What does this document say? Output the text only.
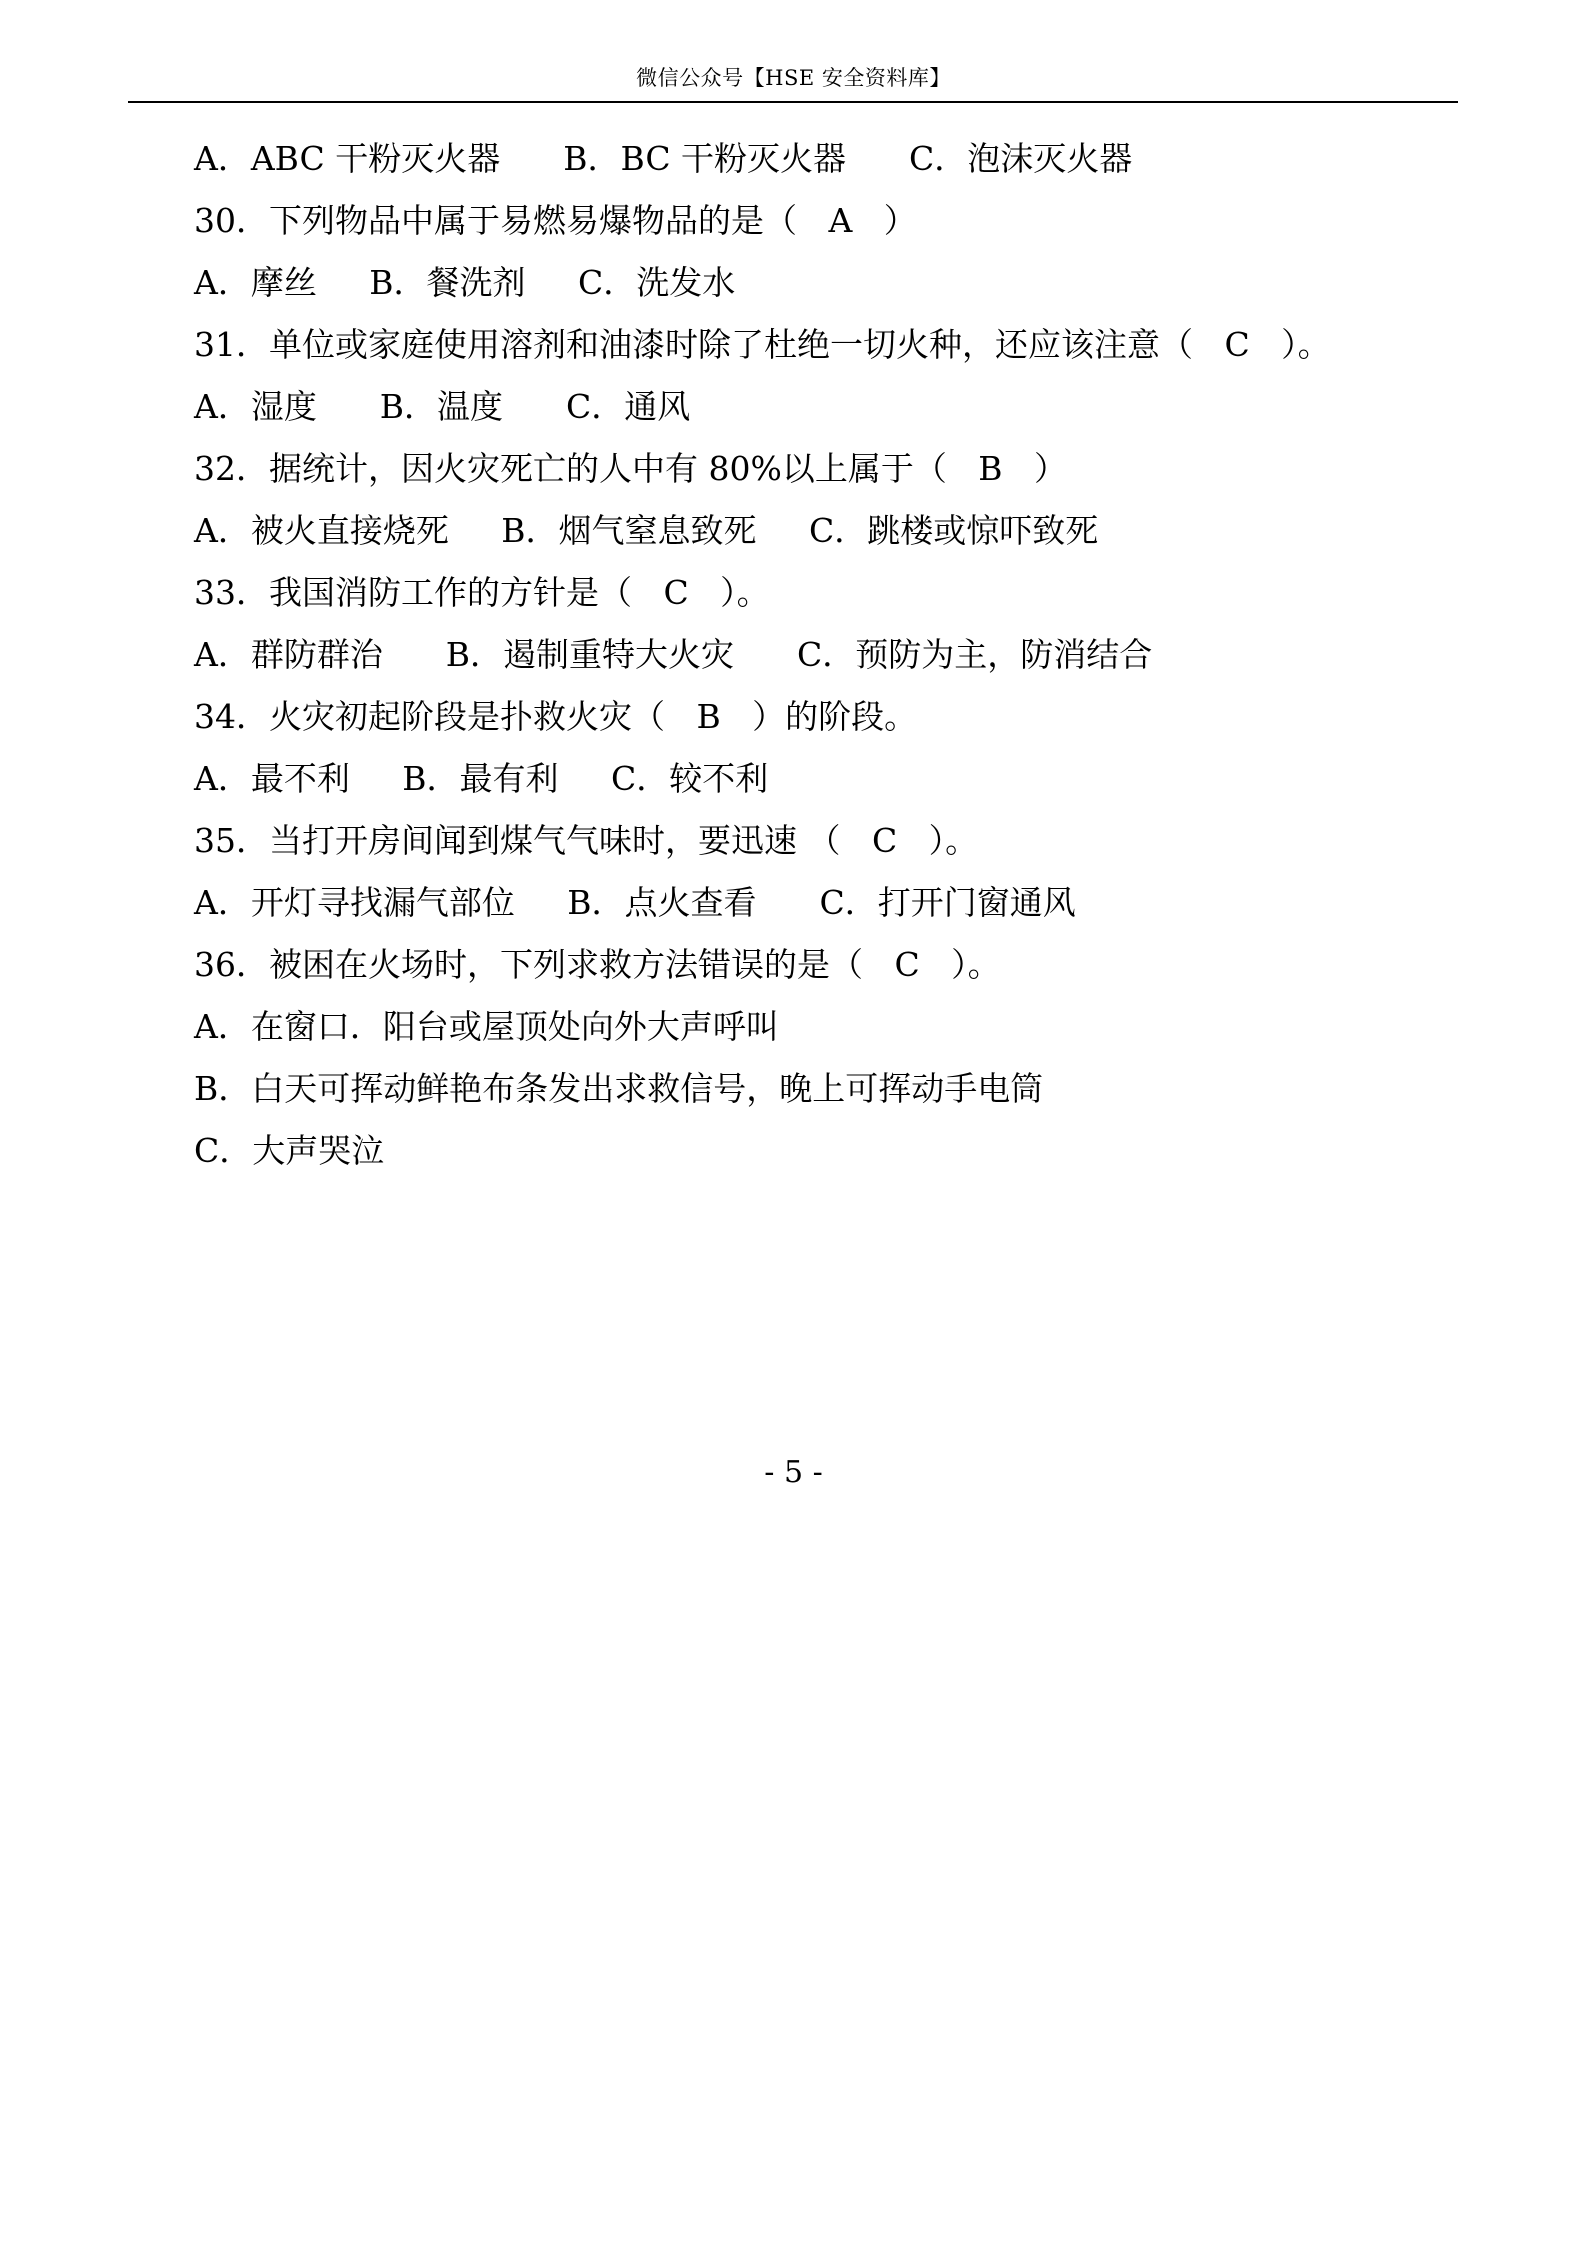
微信公众号【HSE 安全资料库】

A．ABC 干粉灭火器      B．BC 干粉灭火器      C．泡沫灭火器

30．下列物品中属于易燃易爆物品的是（   A   ）

A．摩丝     B．餐洗剂     C．洗发水

31．单位或家庭使用溶剂和油漆时除了杜绝一切火种，还应该注意（   C   ）。

A．湿度      B．温度      C．通风

32．据统计，因火灾死亡的人中有 80%以上属于（   B   ）

A．被火直接烧死     B．烟气窒息致死     C．跳楼或惊吓致死

33．我国消防工作的方针是（   C   ）。

A．群防群治      B．遏制重特大火灾      C．预防为主，防消结合

34．火灾初起阶段是扑救火灾（   B   ）的阶段。

A．最不利     B．最有利     C．较不利

35．当打开房间闻到煤气气味时，要迅速 （   C   ）。

A．开灯寻找漏气部位     B．点火查看      C．打开门窗通风

36．被困在火场时，下列求救方法错误的是（   C   ）。

A．在窗口．阳台或屋顶处向外大声呼叫

B．白天可挥动鲜艳布条发出求救信号，晚上可挥动手电筒

C．大声哭泣

- 5 -
